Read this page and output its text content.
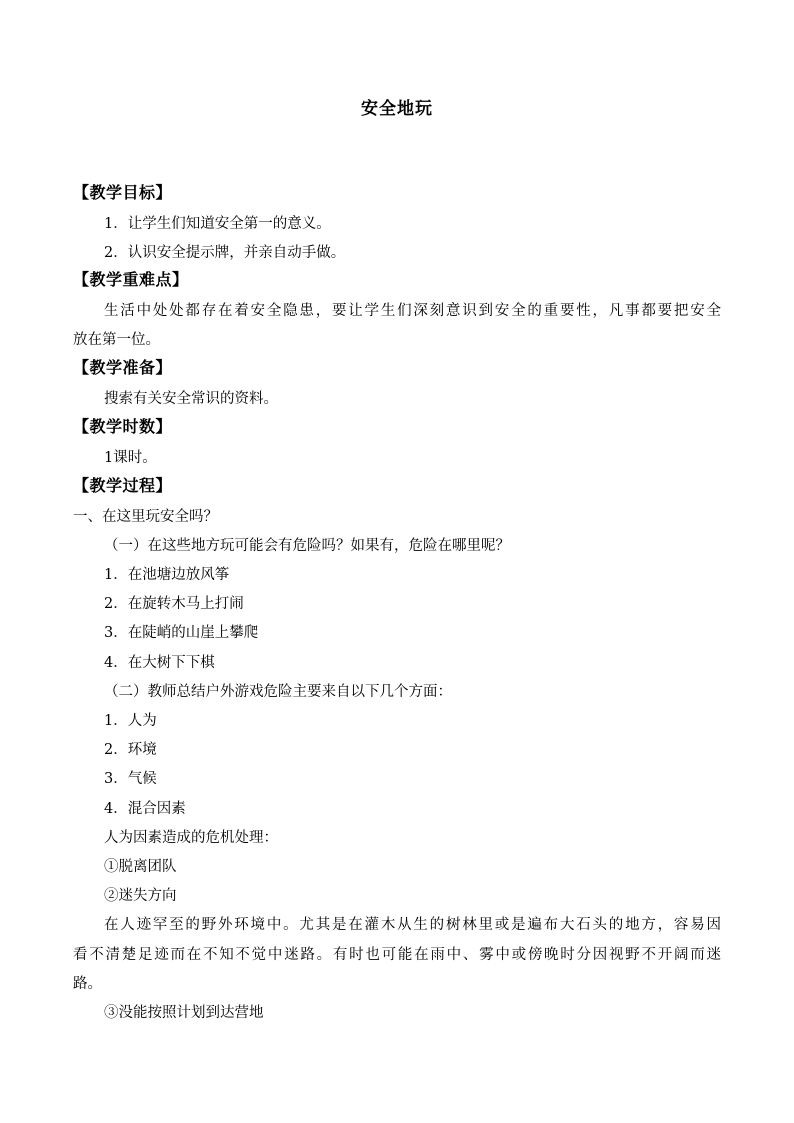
安全地玩
【教学目标】
1．让学生们知道安全第一的意义。
2．认识安全提示牌，并亲自动手做。
【教学重难点】
生活中处处都存在着安全隐患，要让学生们深刻意识到安全的重要性，凡事都要把安全
放在第一位。
【教学准备】
搜索有关安全常识的资料。
【教学时数】
1课时。
【教学过程】
一、在这里玩安全吗？
（一）在这些地方玩可能会有危险吗？如果有，危险在哪里呢？
1．在池塘边放风筝
2．在旋转木马上打闹
3．在陡峭的山崖上攀爬
4．在大树下下棋
（二）教师总结户外游戏危险主要来自以下几个方面：
1．人为
2．环境
3．气候
4．混合因素
人为因素造成的危机处理：
①脱离团队
②迷失方向
在人迹罕至的野外环境中。尤其是在灌木从生的树林里或是遍布大石头的地方，容易因
看不清楚足迹而在不知不觉中迷路。有时也可能在雨中、雾中或傍晚时分因视野不开阔而迷
路。
③没能按照计划到达营地
